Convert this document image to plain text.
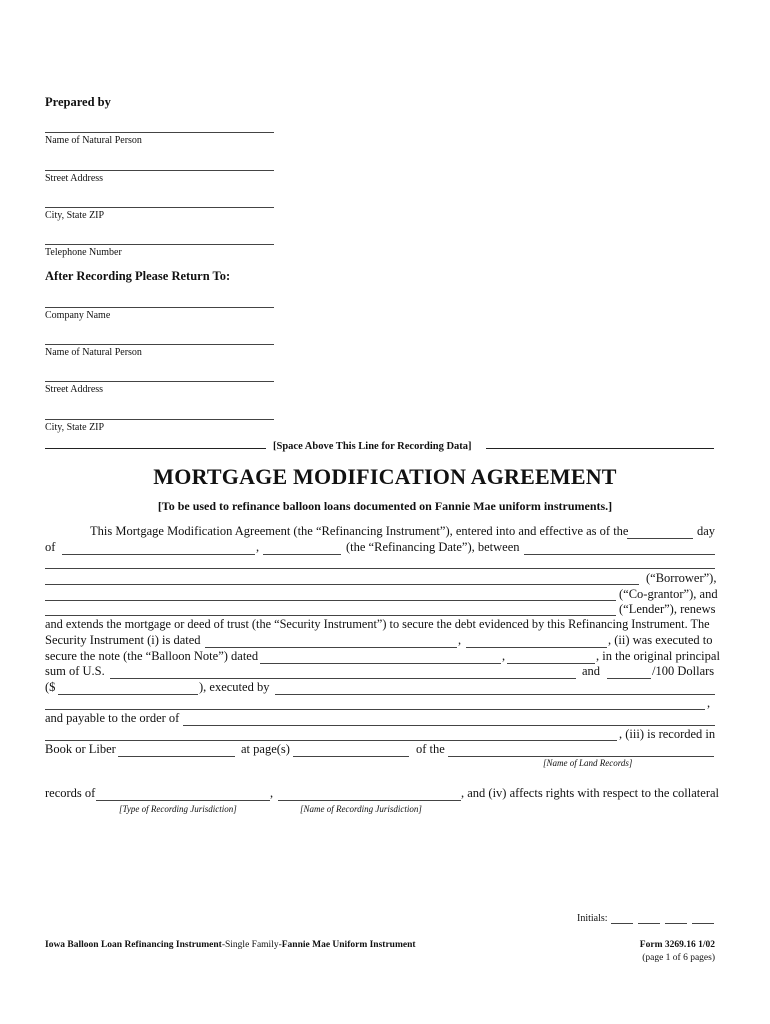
Prepared by
Name of Natural Person
Street Address
City, State ZIP
Telephone Number
After Recording Please Return To:
Company Name
Name of Natural Person
Street Address
City, State ZIP
[Space Above This Line for Recording Data]
MORTGAGE MODIFICATION AGREEMENT
[To be used to refinance balloon loans documented on Fannie Mae uniform instruments.]
This Mortgage Modification Agreement (the “Refinancing Instrument”), entered into and effective as of the	day
of	,	(the “Refinancing Date”), between
(“Borrower”),
(“Co-grantor”), and
(“Lender”), renews
and extends the mortgage or deed of trust (the “Security Instrument”) to secure the debt evidenced by this Refinancing Instrument. The
Security Instrument (i) is dated	,	, (ii) was executed to
secure the note (the “Balloon Note”) dated	,	, in the original principal
sum of U.S.	and	/100 Dollars
($	), executed by
,
and payable to the order of
, (iii) is recorded in
Book or Liber	at page(s)	of the
[Name of Land Records]
records of	,	, and (iv) affects rights with respect to the collateral
[Type of Recording Jurisdiction]	[Name of Recording Jurisdiction]
Initials:
Iowa Balloon Loan Refinancing Instrument-Single Family-Fannie Mae Uniform Instrument	Form 3269.16 1/02
(page 1 of 6 pages)
